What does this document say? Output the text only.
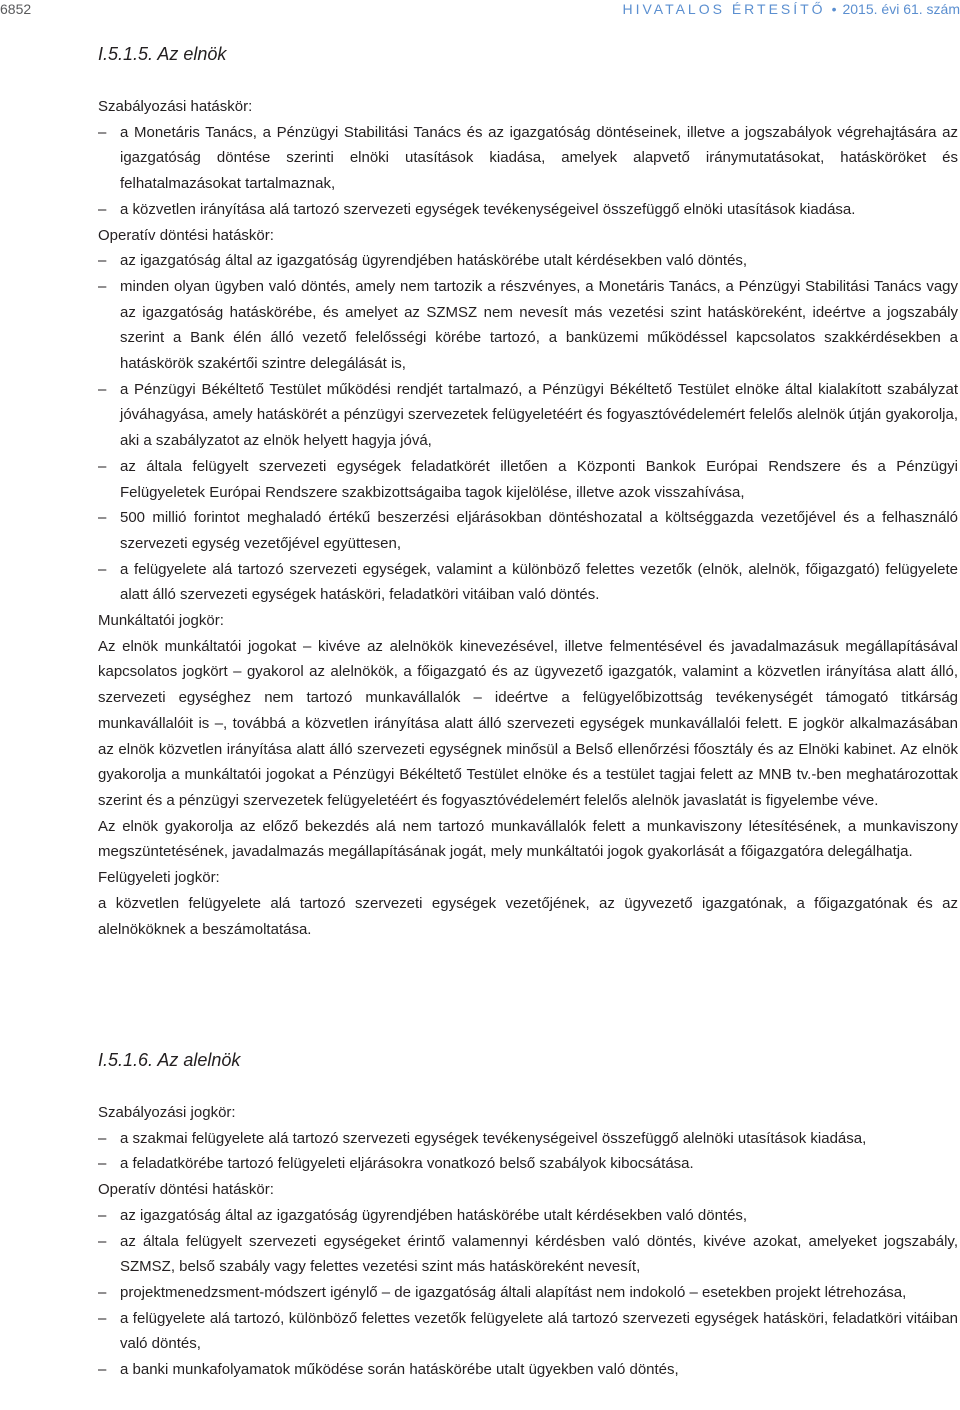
6852	HIVATALOS ÉRTESÍTŐ • 2015. évi 61. szám
I.5.1.5. Az elnök

Szabályozási hatáskör:

– a Monetáris Tanács, a Pénzügyi Stabilitási Tanács és az igazgatóság döntéseinek, illetve a jogszabályok végrehajtására az igazgatóság döntése szerinti elnöki utasítások kiadása, amelyek alapvető iránymutatásokat, hatásköröket és felhatalmazásokat tartalmaznak,
– a közvetlen irányítása alá tartozó szervezeti egységek tevékenységeivel összefüggő elnöki utasítások kiadása.

Operatív döntési hatáskör:

– az igazgatóság által az igazgatóság ügyrendjében hatáskörébe utalt kérdésekben való döntés,
– minden olyan ügyben való döntés, amely nem tartozik a részvényes, a Monetáris Tanács, a Pénzügyi Stabilitási Tanács vagy az igazgatóság hatáskörébe, és amelyet az SZMSZ nem nevesít más vezetési szint hatásköreként, ideértve a jogszabály szerint a Bank élén álló vezető felelősségi körébe tartozó, a banküzemi működéssel kapcsolatos szakkérdésekben a hatáskörök szakértői szintre delegálását is,
– a Pénzügyi Békéltető Testület működési rendjét tartalmazó, a Pénzügyi Békéltető Testület elnöke által kialakított szabályzat jóváhagyása, amely hatáskörét a pénzügyi szervezetek felügyeletéért és fogyasztóvédelemért felelős alelnök útján gyakorolja, aki a szabályzatot az elnök helyett hagyja jóvá,
– az általa felügyelt szervezeti egységek feladatkörét illetően a Központi Bankok Európai Rendszere és a Pénzügyi Felügyeletek Európai Rendszere szakbizottságaiba tagok kijelölése, illetve azok visszahívása,
– 500 millió forintot meghaladó értékű beszerzési eljárásokban döntéshozatal a költséggazda vezetőjével és a felhasználó szervezeti egység vezetőjével együttesen,
– a felügyelete alá tartozó szervezeti egységek, valamint a különböző felettes vezetők (elnök, alelnök, főigazgató) felügyelete alatt álló szervezeti egységek hatásköri, feladatköri vitáiban való döntés.

Munkáltatói jogkör:

Az elnök munkáltatói jogokat – kivéve az alelnökök kinevezésével, illetve felmentésével és javadalmazásuk megállapításával kapcsolatos jogkört – gyakorol az alelnökök, a főigazgató és az ügyvezető igazgatók, valamint a közvetlen irányítása alatt álló, szervezeti egységhez nem tartozó munkavállalók – ideértve a felügyelőbizottság tevékenységét támogató titkárság munkavállalóit is –, továbbá a közvetlen irányítása alatt álló szervezeti egységek munkavállalói felett. E jogkör alkalmazásában az elnök közvetlen irányítása alatt álló szervezeti egységnek minősül a Belső ellenőrzési főosztály és az Elnöki kabinet. Az elnök gyakorolja a munkáltatói jogokat a Pénzügyi Békéltető Testület elnöke és a testület tagjai felett az MNB tv.-ben meghatározottak szerint és a pénzügyi szervezetek felügyeletéért és fogyasztóvédelemért felelős alelnök javaslatát is figyelembe véve.

Az elnök gyakorolja az előző bekezdés alá nem tartozó munkavállalók felett a munkaviszony létesítésének, a munkaviszony megszüntetésének, javadalmazás megállapításának jogát, mely munkáltatói jogok gyakorlását a főigazgatóra delegálhatja.

Felügyeleti jogkör:

a közvetlen felügyelete alá tartozó szervezeti egységek vezetőjének, az ügyvezető igazgatónak, a főigazgatónak és az alelnököknek a beszámoltatása.

I.5.1.6. Az alelnök

Szabályozási jogkör:

– a szakmai felügyelete alá tartozó szervezeti egységek tevékenységeivel összefüggő alelnöki utasítások kiadása,
– a feladatkörébe tartozó felügyeleti eljárásokra vonatkozó belső szabályok kibocsátása.

Operatív döntési hatáskör:

– az igazgatóság által az igazgatóság ügyrendjében hatáskörébe utalt kérdésekben való döntés,
– az általa felügyelt szervezeti egységeket érintő valamennyi kérdésben való döntés, kivéve azokat, amelyeket jogszabály, SZMSZ, belső szabály vagy felettes vezetési szint más hatásköreként nevesít,
– projektmenedzsment-módszert igénylő – de igazgatóság általi alapítást nem indokoló – esetekben projekt létrehozása,
– a felügyelete alá tartozó, különböző felettes vezetők felügyelete alá tartozó szervezeti egységek hatásköri, feladatköri vitáiban való döntés,
– a banki munkafolyamatok működése során hatáskörébe utalt ügyekben való döntés,
